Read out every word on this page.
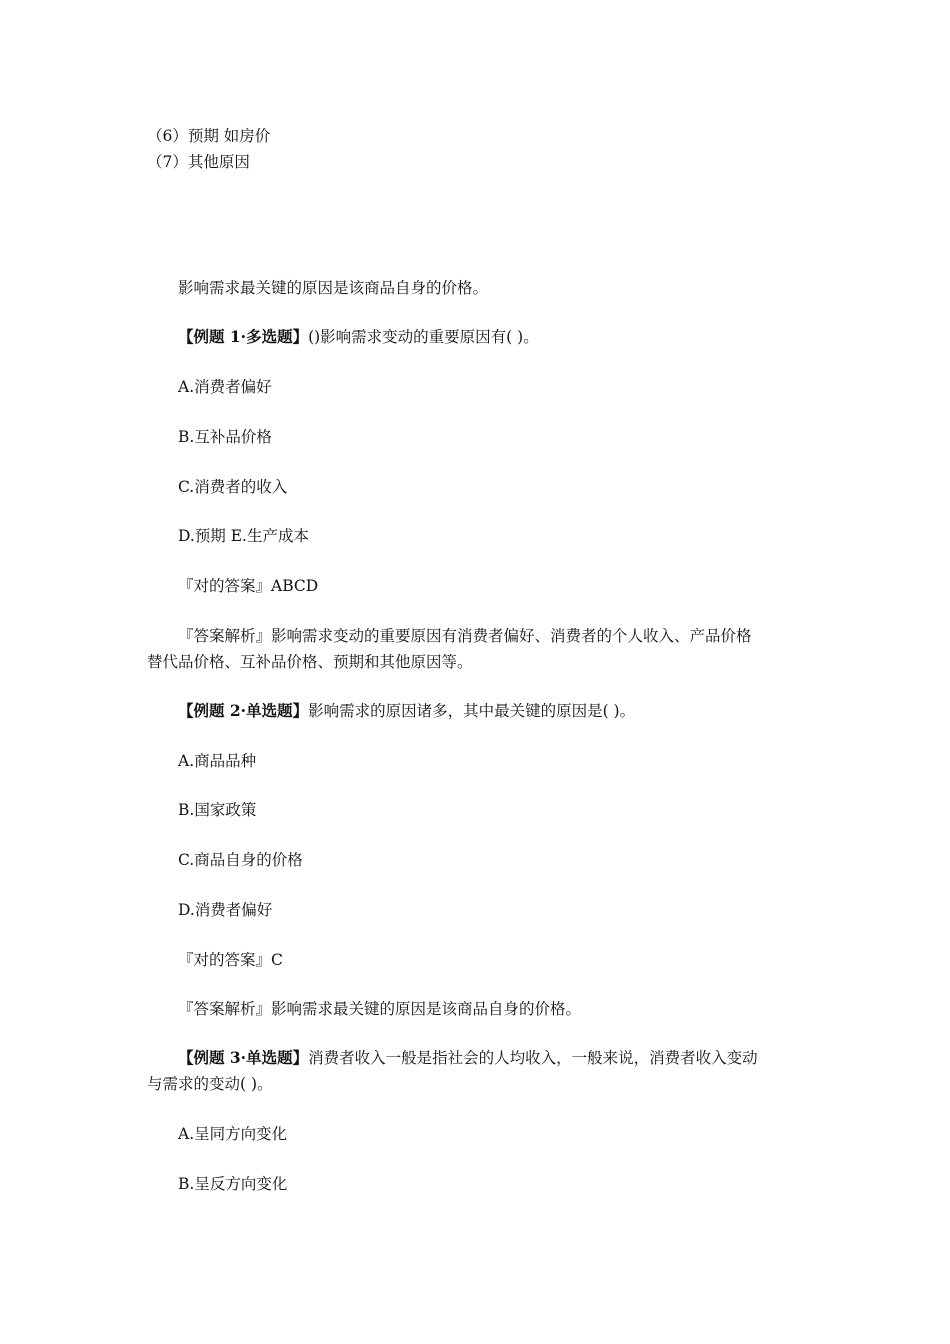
（6）预期 如房价
（7）其他原因
影响需求最关键的原因是该商品自身的价格。
【例题 1·多选题】()影响需求变动的重要原因有( )。
A.消费者偏好
B.互补品价格
C.消费者的收入
D.预期 E.生产成本
『对的答案』ABCD
『答案解析』影响需求变动的重要原因有消费者偏好、消费者的个人收入、产品价格
替代品价格、互补品价格、预期和其他原因等。
【例题 2·单选题】影响需求的原因诸多，其中最关键的原因是( )。
A.商品品种
B.国家政策
C.商品自身的价格
D.消费者偏好
『对的答案』C
『答案解析』影响需求最关键的原因是该商品自身的价格。
【例题 3·单选题】消费者收入一般是指社会的人均收入，一般来说，消费者收入变动
与需求的变动( )。
A.呈同方向变化
B.呈反方向变化
